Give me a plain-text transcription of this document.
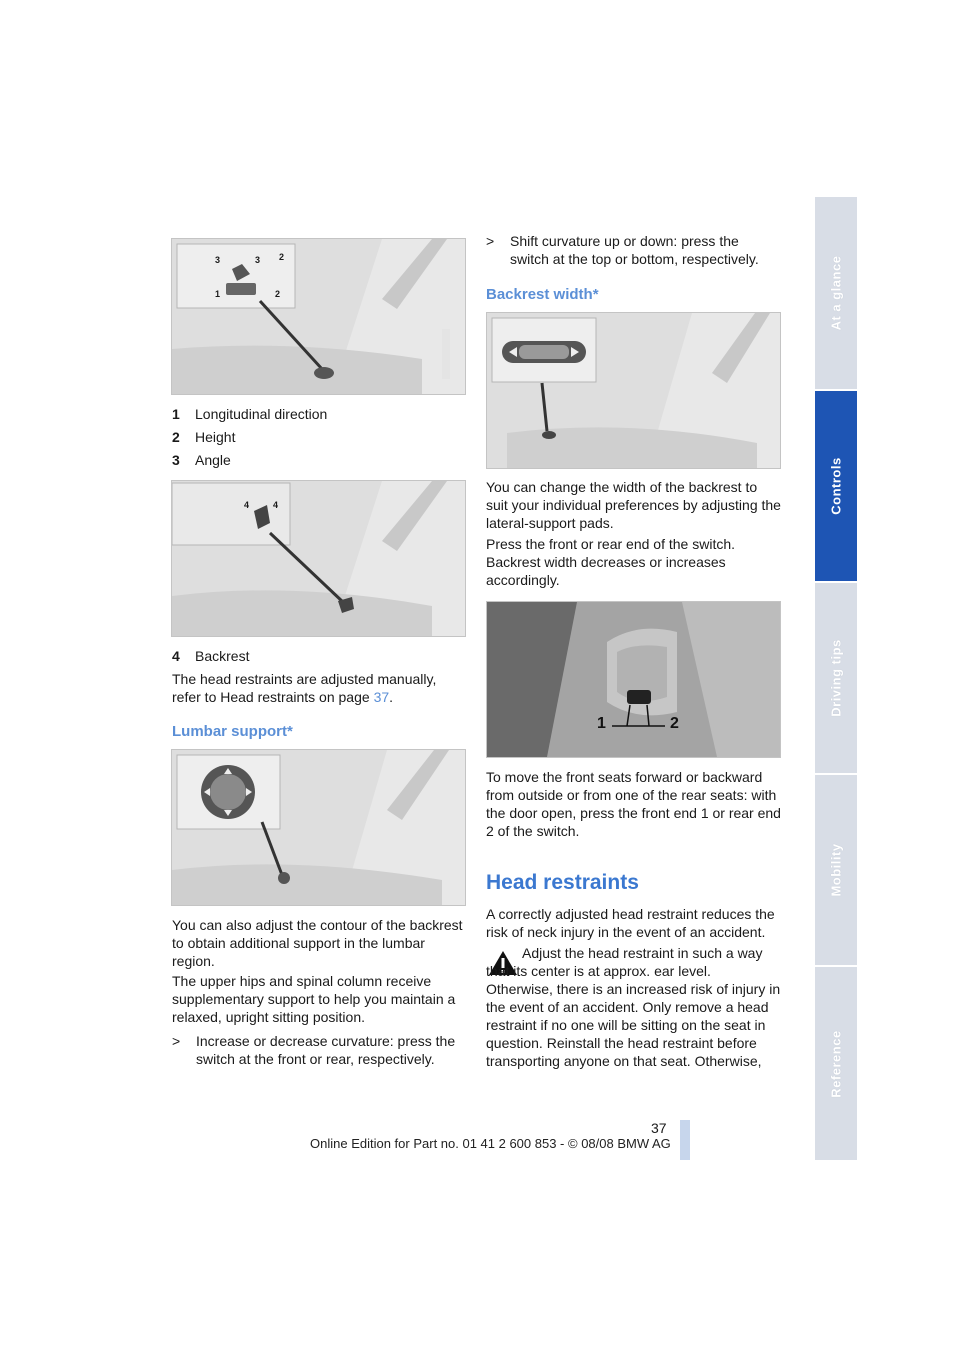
3	3 2
1	2
1 Longitudinal direction
2 Height
3 Angle
4	4
4 Backrest
The head restraints are adjusted manually, refer to Head restraints on page 37.
Lumbar support*
You can also adjust the contour of the backrest to obtain additional support in the lumbar region.
The upper hips and spinal column receive supplementary support to help you maintain a relaxed, upright sitting position.
> Increase or decrease curvature: press the switch at the front or rear, respectively.
> Shift curvature up or down: press the switch at the top or bottom, respectively.
Backrest width*
You can change the width of the backrest to suit your individual preferences by adjusting the lateral-support pads.
Press the front or rear end of the switch. Backrest width decreases or increases accordingly.
1	2
To move the front seats forward or backward from outside or from one of the rear seats: with the door open, press the front end 1 or rear end 2 of the switch.
Head restraints
A correctly adjusted head restraint reduces the risk of neck injury in the event of an accident.
Adjust the head restraint in such a way that its center is at approx. ear level. Otherwise, there is an increased risk of injury in the event of an accident. Only remove a head restraint if no one will be sitting on the seat in question. Reinstall the head restraint before transporting anyone on that seat. Otherwise,
37
Online Edition for Part no. 01 41 2 600 853 - © 08/08 BMW AG
At a glance
Controls
Driving tips
Mobility
Reference
